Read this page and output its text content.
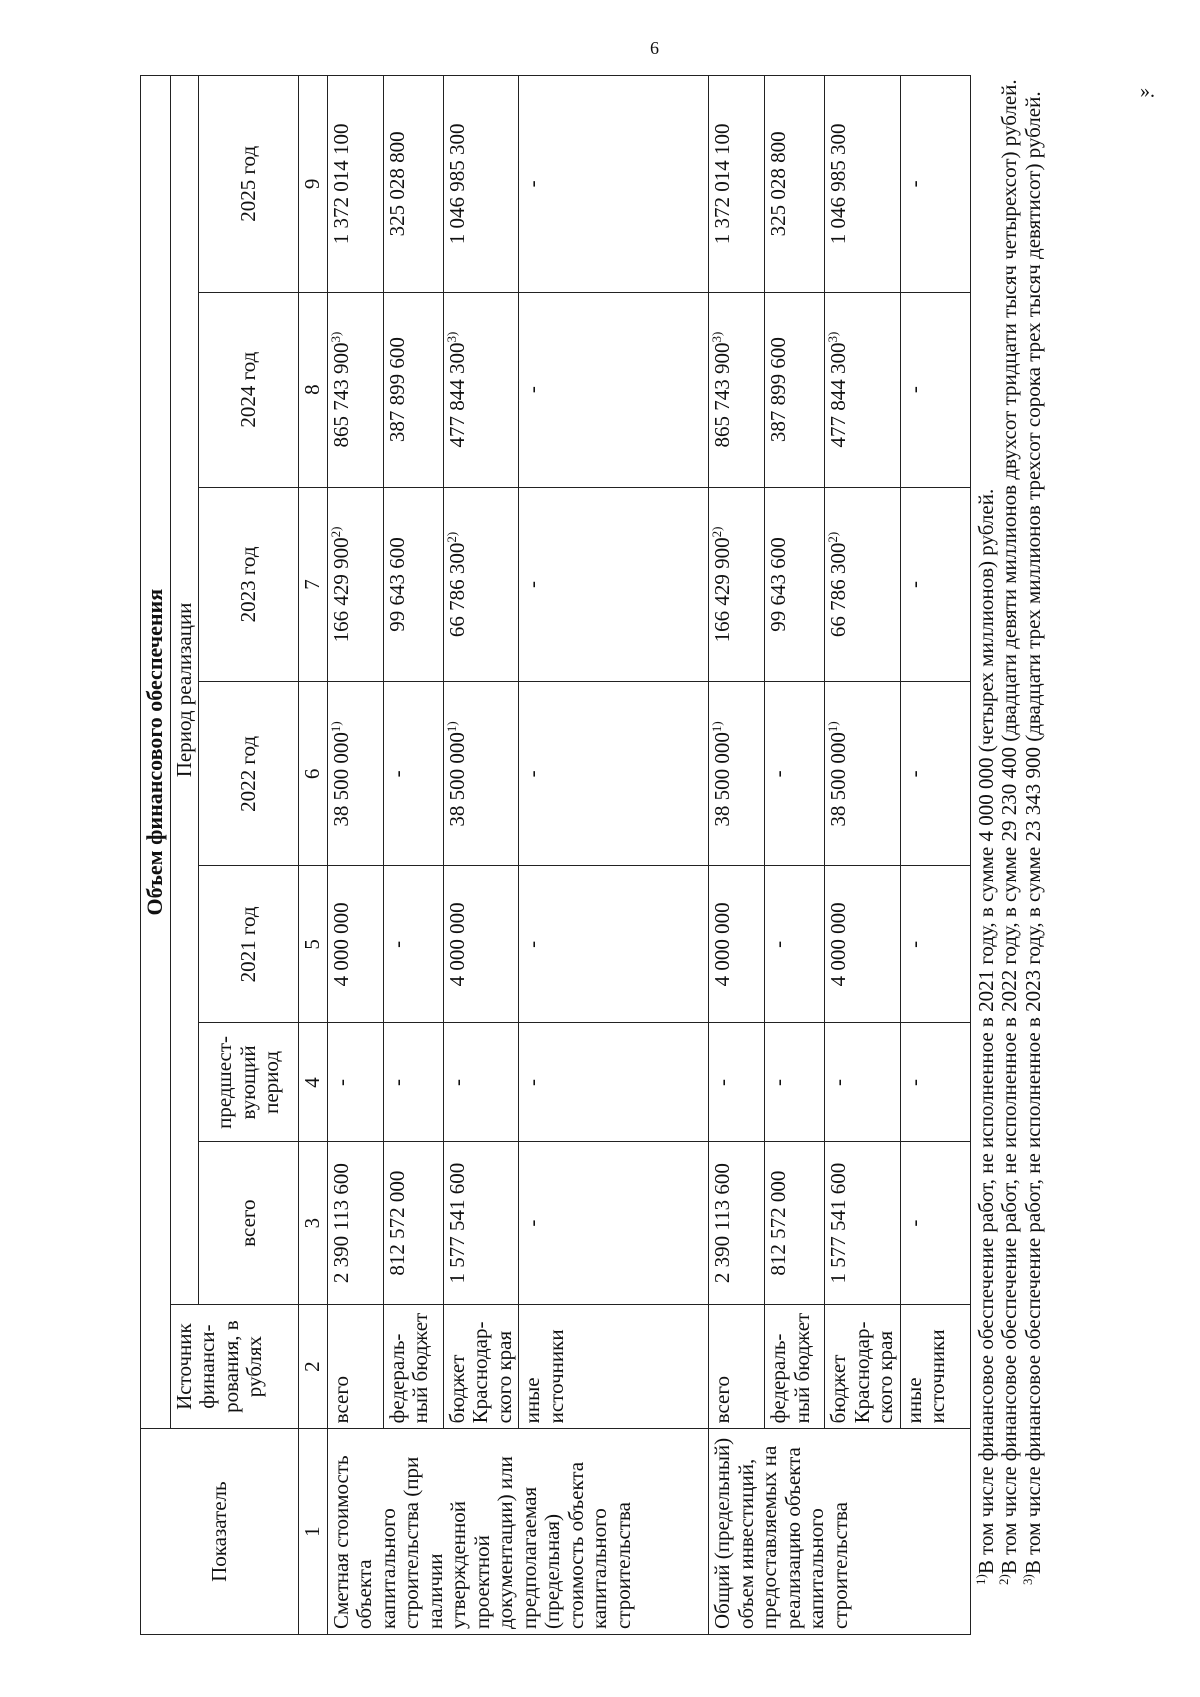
6
».
Показатель	Объем финансового обеспечения							
	Источник финанси-рования, в рублях	Период реализации						
		всего	предшест-вующий период	2021 год	2022 год	2023 год	2024 год	2025 год
1	2	3	4	5	6	7	8	9
Сметная стоимость объекта капитального строительства (при наличии утвержденной проектной документации) или предполагаемая (предельная) стоимость объекта капитального строительства	всего	2 390 113 600	-	4 000 000	38 500 000$^{1)}$	166 429 900$^{2)}$	865 743 900$^{3)}$	1 372 014 100
	федераль-ный бюджет	812 572 000	-	-	-	99 643 600	387 899 600	325 028 800
	бюджет Краснодар-ского края	1 577 541 600	-	4 000 000	38 500 000$^{1)}$	66 786 300$^{2)}$	477 844 300$^{3)}$	1 046 985 300
	иные источники	-	-	-	-	-	-	-
Общий (предельный) объем инвестиций, предоставляемых на реализацию объекта капитального строительства	всего	2 390 113 600	-	4 000 000	38 500 000$^{1)}$	166 429 900$^{2)}$	865 743 900$^{3)}$	1 372 014 100
	федераль-ный бюджет	812 572 000	-	-	-	99 643 600	387 899 600	325 028 800
	бюджет Краснодар-ского края	1 577 541 600	-	4 000 000	38 500 000$^{1)}$	66 786 300$^{2)}$	477 844 300$^{3)}$	1 046 985 300
	иные источники	-	-	-	-	-	-	-

$^{1)}$В том числе финансовое обеспечение работ, не исполненное в 2021 году, в сумме 4 000 000 (четырех миллионов) рублей.

$^{2)}$В том числе финансовое обеспечение работ, не исполненное в 2022 году, в сумме 29 230 400 (двадцати девяти миллионов двухсот тридцати тысяч четырехсот) рублей.

$^{3)}$В том числе финансовое обеспечение работ, не исполненное в 2023 году, в сумме 23 343 900 (двадцати трех миллионов трехсот сорока трех тысяч девятисот) рублей.
